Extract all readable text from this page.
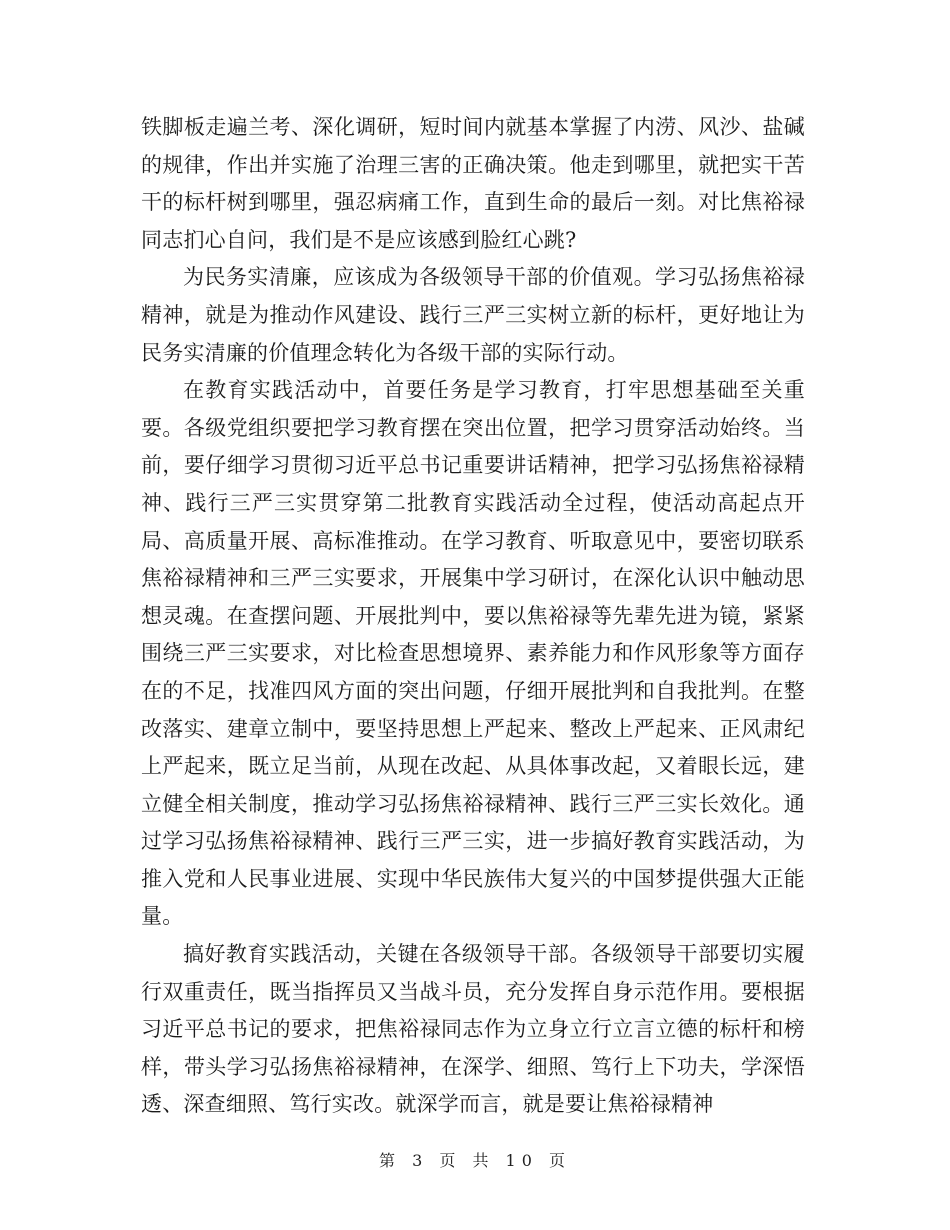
铁脚板走遍兰考、深化调研，短时间内就基本掌握了内涝、风沙、盐碱的规律，作出并实施了治理三害的正确决策。他走到哪里，就把实干苦干的标杆树到哪里，强忍病痛工作，直到生命的最后一刻。对比焦裕禄同志扪心自问，我们是不是应该感到脸红心跳?

为民务实清廉，应该成为各级领导干部的价值观。学习弘扬焦裕禄精神，就是为推动作风建设、践行三严三实树立新的标杆，更好地让为民务实清廉的价值理念转化为各级干部的实际行动。

在教育实践活动中，首要任务是学习教育，打牢思想基础至关重要。各级党组织要把学习教育摆在突出位置，把学习贯穿活动始终。当前，要仔细学习贯彻习近平总书记重要讲话精神，把学习弘扬焦裕禄精神、践行三严三实贯穿第二批教育实践活动全过程，使活动高起点开局、高质量开展、高标准推动。在学习教育、听取意见中，要密切联系焦裕禄精神和三严三实要求，开展集中学习研讨，在深化认识中触动思想灵魂。在查摆问题、开展批判中，要以焦裕禄等先辈先进为镜，紧紧围绕三严三实要求，对比检查思想境界、素养能力和作风形象等方面存在的不足，找准四风方面的突出问题，仔细开展批判和自我批判。在整改落实、建章立制中，要坚持思想上严起来、整改上严起来、正风肃纪上严起来，既立足当前，从现在改起、从具体事改起，又着眼长远，建立健全相关制度，推动学习弘扬焦裕禄精神、践行三严三实长效化。通过学习弘扬焦裕禄精神、践行三严三实，进一步搞好教育实践活动，为推入党和人民事业进展、实现中华民族伟大复兴的中国梦提供强大正能量。

搞好教育实践活动，关键在各级领导干部。各级领导干部要切实履行双重责任，既当指挥员又当战斗员，充分发挥自身示范作用。要根据习近平总书记的要求，把焦裕禄同志作为立身立行立言立德的标杆和榜样，带头学习弘扬焦裕禄精神，在深学、细照、笃行上下功夫，学深悟透、深查细照、笃行实改。就深学而言，就是要让焦裕禄精神

第 3 页 共 10 页
